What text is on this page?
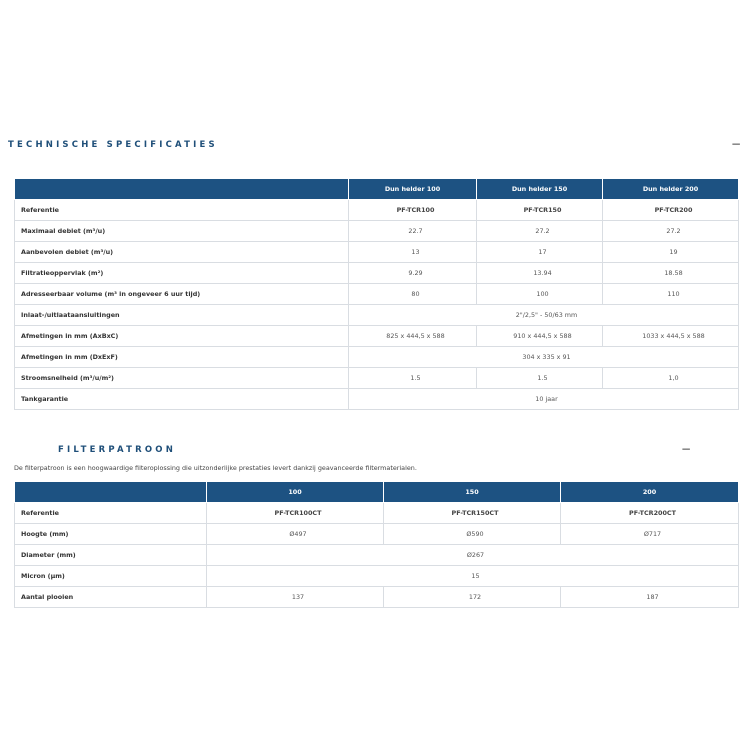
TECHNISCHE SPECIFICATIES	−
	Dun helder 100	Dun helder 150	Dun helder 200
Referentie	PF-TCR100	PF-TCR150	PF-TCR200
Maximaal debiet (m³/u)	22.7	27.2	27.2
Aanbevolen debiet (m³/u)	13	17	19
Filtratieoppervlak (m²)	9.29	13.94	18.58
Adresseerbaar volume (m³ in ongeveer 6 uur tijd)	80	100	110
Inlaat-/uitlaataansluitingen	2"/2,5" - 50/63 mm		
Afmetingen in mm (AxBxC)	825 x 444,5 x 588	910 x 444,5 x 588	1033 x 444,5 x 588
Afmetingen in mm (DxExF)	304 x 335 x 91		
Stroomsnelheid (m³/u/m²)	1.5	1.5	1,0
Tankgarantie	10 jaar		
FILTERPATROON	−
De filterpatroon is een hoogwaardige filteroplossing die uitzonderlijke prestaties levert dankzij geavanceerde filtermaterialen.
	100	150	200
Referentie	PF-TCR100CT	PF-TCR150CT	PF-TCR200CT
Hoogte (mm)	Ø497	Ø590	Ø717
Diameter (mm)	Ø267		
Micron (µm)	15		
Aantal plooien	137	172	187
